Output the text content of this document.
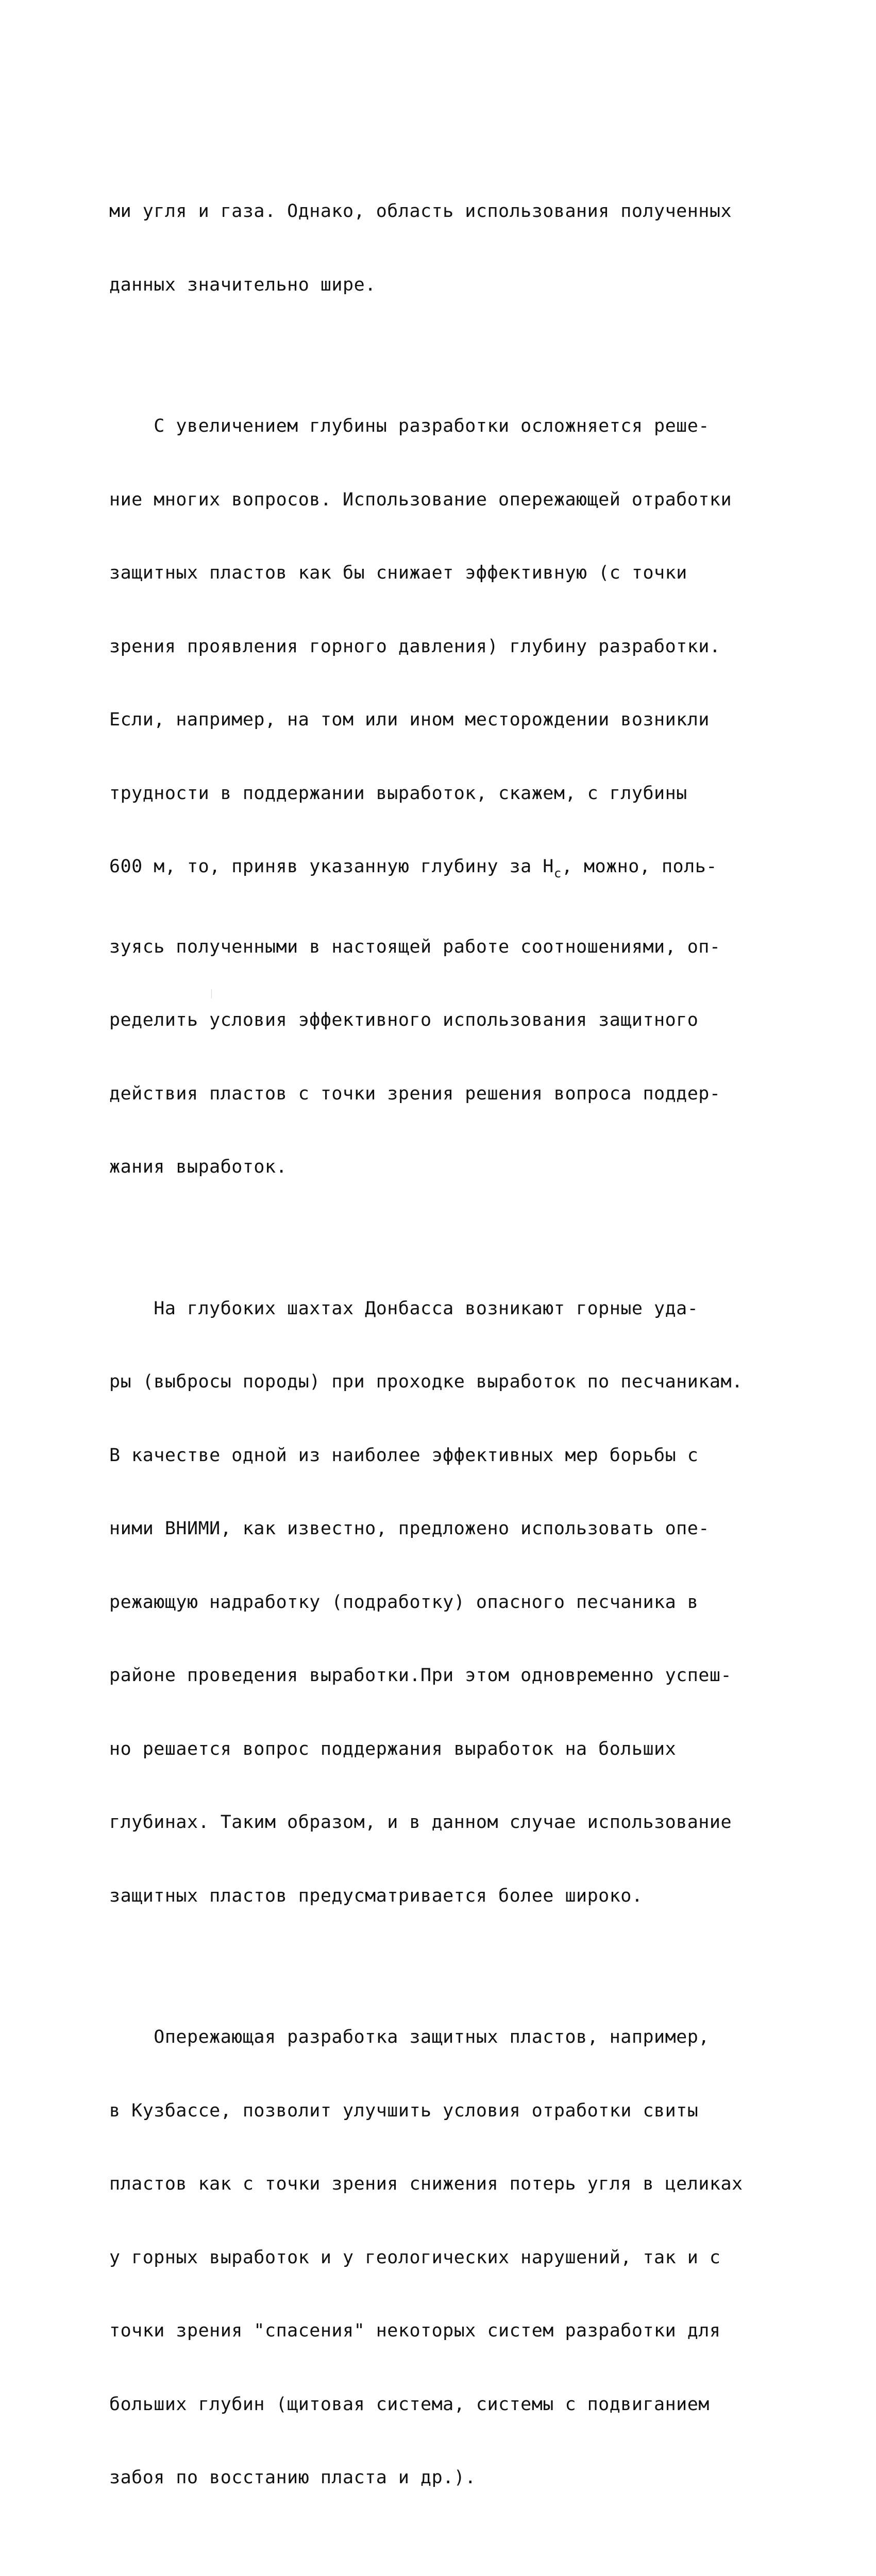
ми угля и газа. Однако, область использования полученных

данных значительно шире.

С увеличением глубины разработки осложняется реше-

ние многих вопросов. Использование опережающей отработки

защитных пластов как бы снижает эффективную (с точки

зрения проявления горного давления) глубину разработки.

Если, например, на том или ином месторождении возникли

трудности в поддержании выработок, скажем, с глубины

600 м, то, приняв указанную глубину за $H_с$, можно, поль-

зуясь полученными в настоящей работе соотношениями, оп-

ределить условия эффективного использования защитного

действия пластов с точки зрения решения вопроса поддер-

жания выработок.

На глубоких шахтах Донбасса возникают горные уда-

ры (выбросы породы) при проходке выработок по песчаникам.

В качестве одной из наиболее эффективных мер борьбы с

ними ВНИМИ, как известно, предложено использовать опе-

режающую надработку (подработку) опасного песчаника в

районе проведения выработки.При этом одновременно успеш-

но решается вопрос поддержания выработок на больших

глубинах. Таким образом, и в данном случае использование

защитных пластов предусматривается более широко.

Опережающая разработка защитных пластов, например,

в Кузбассе, позволит улучшить условия отработки свиты

пластов как с точки зрения снижения потерь угля в целиках

у горных выработок и у геологических нарушений, так и с

точки зрения "спасения" некоторых систем разработки для

больших глубин (щитовая система, системы с подвиганием

забоя по восстанию пласта и др.).
